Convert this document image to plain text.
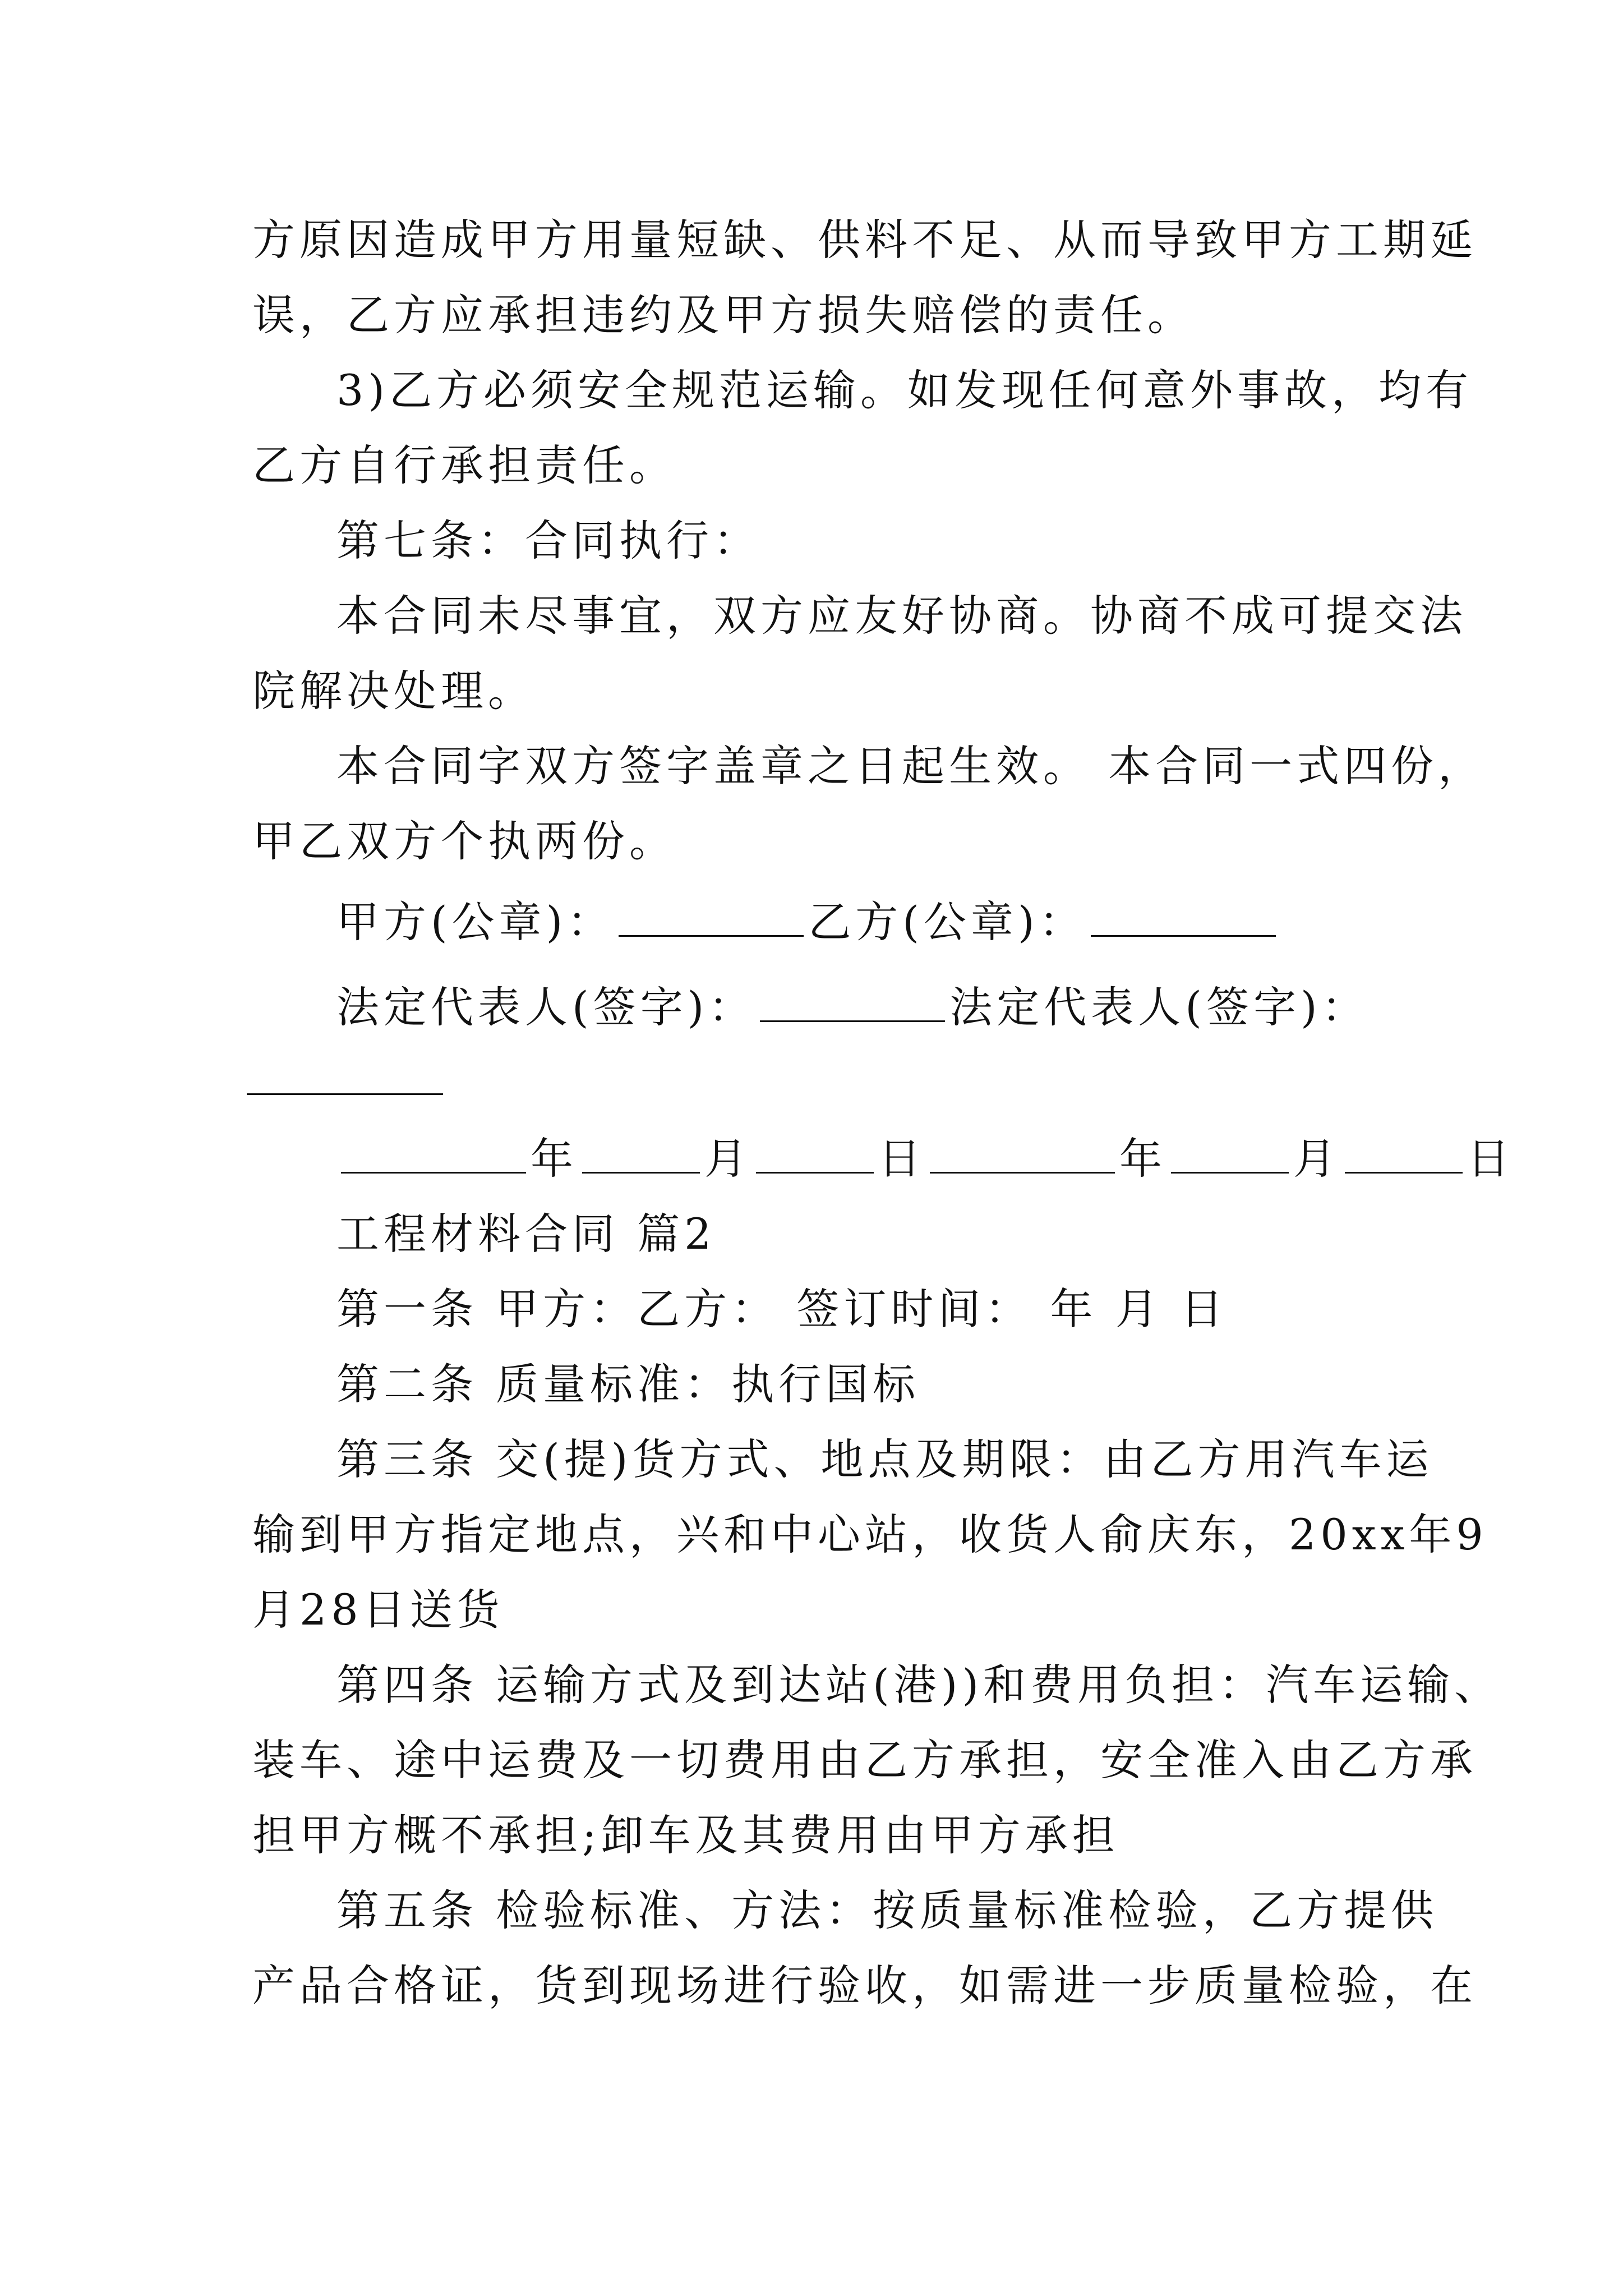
方原因造成甲方用量短缺、供料不足、从而导致甲方工期延
误，乙方应承担违约及甲方损失赔偿的责任。
3)乙方必须安全规范运输。如发现任何意外事故，均有
乙方自行承担责任。
第七条：合同执行：
本合同未尽事宜，双方应友好协商。协商不成可提交法
院解决处理。
本合同字双方签字盖章之日起生效。 本合同一式四份，
甲乙双方个执两份。
甲方(公章)：	乙方(公章)：
法定代表人(签字)：	法定代表人(签字)：
年	月	日	年	月	日
工程材料合同 篇2
第一条 甲方：乙方： 签订时间： 年 月 日
第二条 质量标准：执行国标
第三条 交(提)货方式、地点及期限：由乙方用汽车运
输到甲方指定地点，兴和中心站，收货人俞庆东，20xx年9
月28日送货
第四条 运输方式及到达站(港))和费用负担：汽车运输、
装车、途中运费及一切费用由乙方承担，安全准入由乙方承
担甲方概不承担;卸车及其费用由甲方承担
第五条 检验标准、方法：按质量标准检验，乙方提供
产品合格证，货到现场进行验收，如需进一步质量检验，在
